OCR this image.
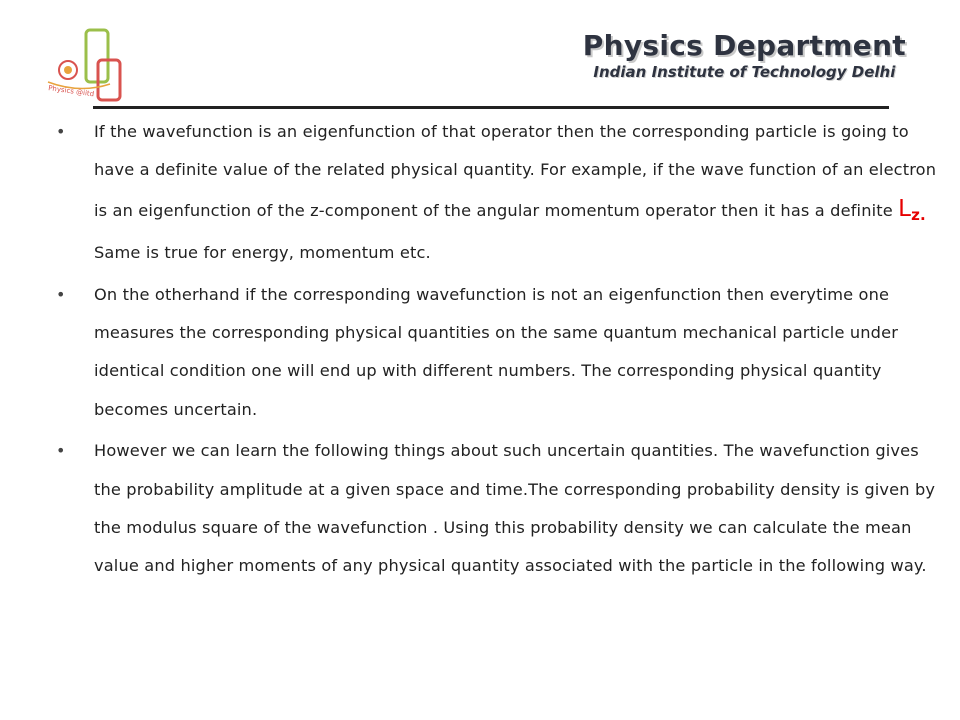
Physics @iitd
Physics Department
Indian Institute of Technology Delhi
• If the wavefunction is an eigenfunction of that operator then the corresponding particle is going to have a definite value of the related physical quantity. For example, if the wave function of an electron is an eigenfunction of the z-component of the angular momentum operator then it has a definite $L_{z.}$ Same is true for energy, momentum etc.
• On the otherhand if the corresponding wavefunction is not an eigenfunction then everytime one measures the corresponding physical quantities on the same quantum mechanical particle under identical condition one will end up with different numbers. The corresponding physical quantity becomes uncertain.
• However we can learn the following things about such uncertain quantities. The wavefunction gives the probability amplitude at a given space and time.The corresponding probability density is given by the modulus square of the wavefunction . Using this probability density we can calculate the mean value and higher moments of any physical quantity associated with the particle in the following way.
